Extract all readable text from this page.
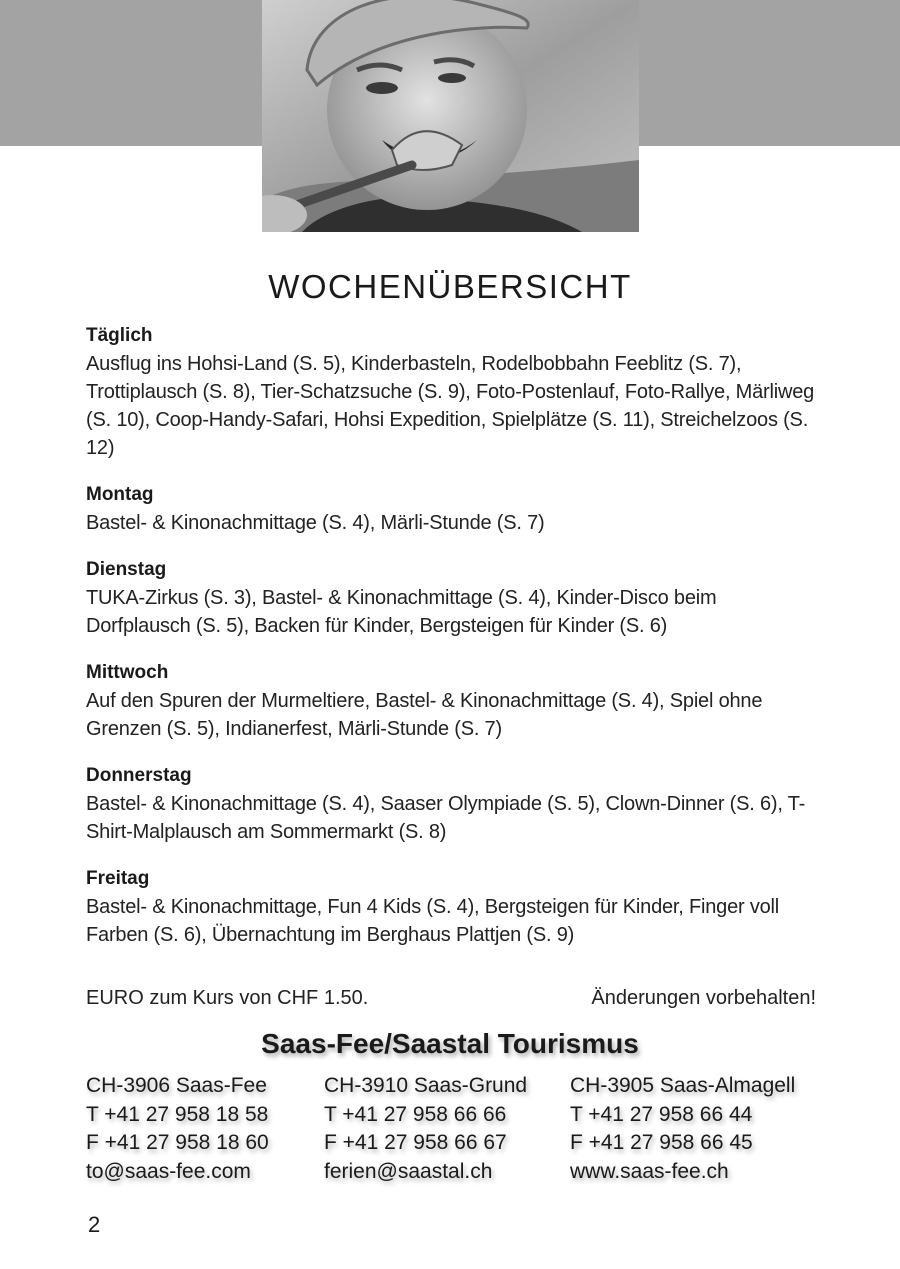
WOCHENÜBERSICHT
Täglich
Ausflug ins Hohsi-Land (S. 5), Kinderbasteln, Rodelbobbahn Feeblitz (S. 7), Trottiplausch (S. 8), Tier-Schatzsuche (S. 9), Foto-Postenlauf, Foto-Rallye, Märliweg (S. 10), Coop-Handy-Safari, Hohsi Expedition, Spielplätze (S. 11), Streichelzoos (S. 12)
Montag
Bastel- & Kinonachmittage (S. 4), Märli-Stunde (S. 7)
Dienstag
TUKA-Zirkus (S. 3), Bastel- & Kinonachmittage (S. 4), Kinder-Disco beim Dorfplausch (S. 5), Backen für Kinder, Bergsteigen für Kinder (S. 6)
Mittwoch
Auf den Spuren der Murmeltiere, Bastel- & Kinonachmittage (S. 4), Spiel ohne Grenzen (S. 5), Indianerfest, Märli-Stunde (S. 7)
Donnerstag
Bastel- & Kinonachmittage (S. 4), Saaser Olympiade (S. 5), Clown-Dinner (S. 6), T-Shirt-Malplausch am Sommermarkt (S. 8)
Freitag
Bastel- & Kinonachmittage, Fun 4 Kids (S. 4), Bergsteigen für Kinder, Finger voll Farben (S. 6), Übernachtung im Berghaus Plattjen (S. 9)
EURO zum Kurs von CHF 1.50.	Änderungen vorbehalten!
Saas-Fee/Saastal Tourismus
CH-3906 Saas-Fee
T +41 27 958 18 58
F +41 27 958 18 60
to@saas-fee.com
CH-3910 Saas-Grund
T +41 27 958 66 66
F +41 27 958 66 67
ferien@saastal.ch
CH-3905 Saas-Almagell
T +41 27 958 66 44
F +41 27 958 66 45
www.saas-fee.ch
2
